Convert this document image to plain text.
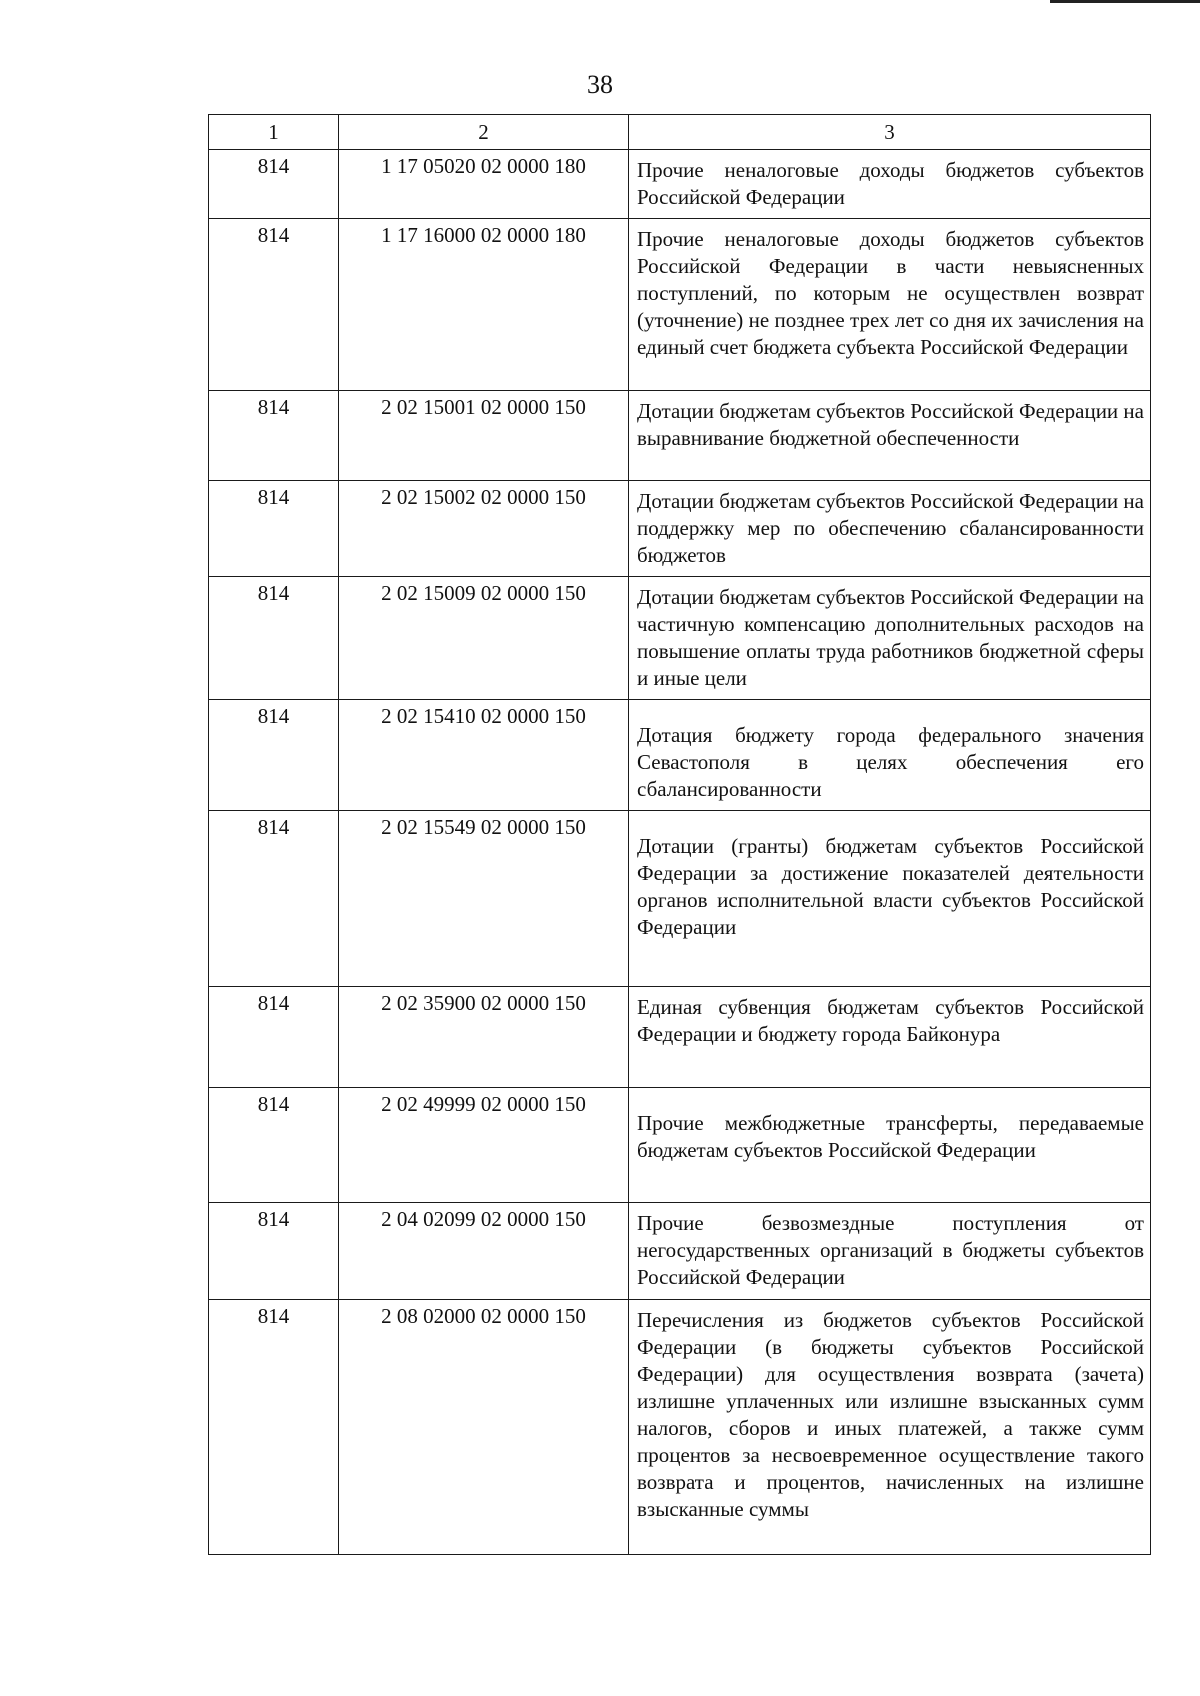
38
1	2	3
814	1 17 05020 02 0000 180	Прочие неналоговые доходы бюджетов субъектов Российской Федерации
814	1 17 16000 02 0000 180	Прочие неналоговые доходы бюджетов субъектов Российской Федерации в части невыясненных поступлений, по которым не осуществлен возврат (уточнение) не позднее трех лет со дня их зачисления на единый счет бюджета субъекта Российской Федерации
814	2 02 15001 02 0000 150	Дотации бюджетам субъектов Российской Федерации на выравнивание бюджетной обеспеченности
814	2 02 15002 02 0000 150	Дотации бюджетам субъектов Российской Федерации на поддержку мер по обеспечению сбалансированности бюджетов
814	2 02 15009 02 0000 150	Дотации бюджетам субъектов Российской Федерации на частичную компенсацию дополнительных расходов на повышение оплаты труда работников бюджетной сферы и иные цели
814	2 02 15410 02 0000 150	Дотация бюджету города федерального значения Севастополя в целях обеспечения его сбалансированности
814	2 02 15549 02 0000 150	Дотации (гранты) бюджетам субъектов Российской Федерации за достижение показателей деятельности органов исполнительной власти субъектов Российской Федерации
814	2 02 35900 02 0000 150	Единая субвенция бюджетам субъектов Российской Федерации и бюджету города Байконура
814	2 02 49999 02 0000 150	Прочие межбюджетные трансферты, передаваемые бюджетам субъектов Российской Федерации
814	2 04 02099 02 0000 150	Прочие безвозмездные поступления от негосударственных организаций в бюджеты субъектов Российской Федерации
814	2 08 02000 02 0000 150	Перечисления из бюджетов субъектов Российской Федерации (в бюджеты субъектов Российской Федерации) для осуществления возврата (зачета) излишне уплаченных или излишне взысканных сумм налогов, сборов и иных платежей, а также сумм процентов за несвоевременное осуществление такого возврата и процентов, начисленных на излишне взысканные суммы
